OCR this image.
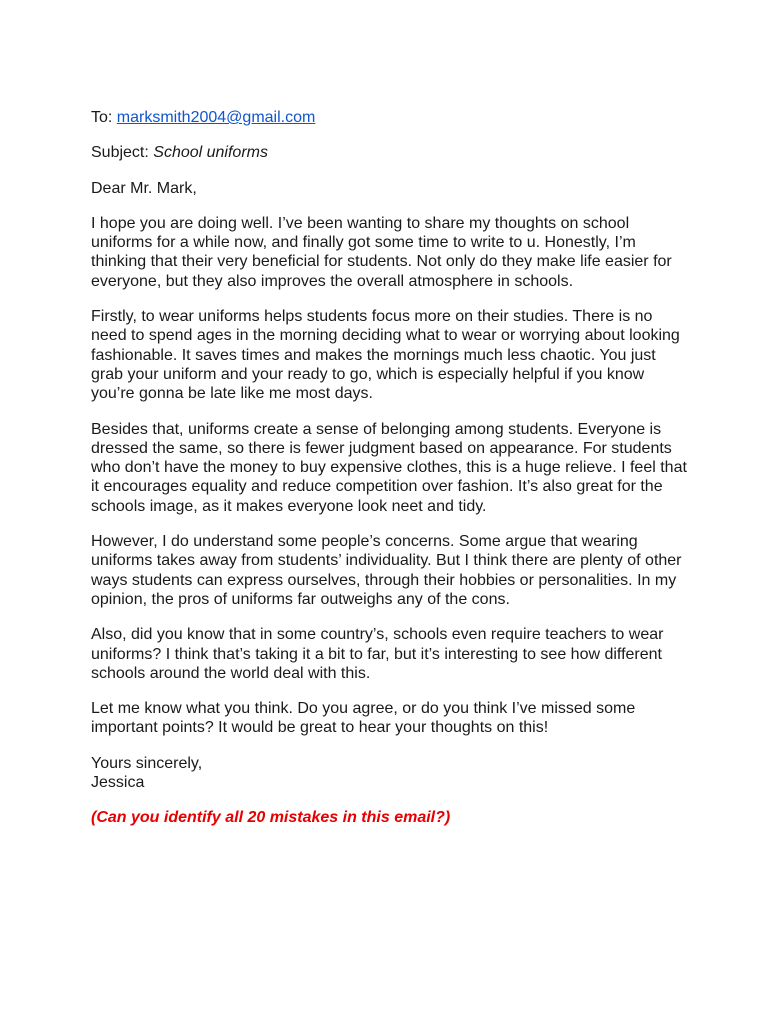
To: marksmith2004@gmail.com

Subject: School uniforms

Dear Mr. Mark,

I hope you are doing well. I’ve been wanting to share my thoughts on school uniforms for a while now, and finally got some time to write to u. Honestly, I’m thinking that their very beneficial for students. Not only do they make life easier for everyone, but they also improves the overall atmosphere in schools.

Firstly, to wear uniforms helps students focus more on their studies. There is no need to spend ages in the morning deciding what to wear or worrying about looking fashionable. It saves times and makes the mornings much less chaotic. You just grab your uniform and your ready to go, which is especially helpful if you know you’re gonna be late like me most days.

Besides that, uniforms create a sense of belonging among students. Everyone is dressed the same, so there is fewer judgment based on appearance. For students who don’t have the money to buy expensive clothes, this is a huge relieve. I feel that it encourages equality and reduce competition over fashion. It’s also great for the schools image, as it makes everyone look neet and tidy.

However, I do understand some people’s concerns. Some argue that wearing uniforms takes away from students’ individuality. But I think there are plenty of other ways students can express ourselves, through their hobbies or personalities. In my opinion, the pros of uniforms far outweighs any of the cons.

Also, did you know that in some country’s, schools even require teachers to wear uniforms? I think that’s taking it a bit to far, but it’s interesting to see how different schools around the world deal with this.

Let me know what you think. Do you agree, or do you think I’ve missed some important points? It would be great to hear your thoughts on this!

Yours sincerely,

Jessica

(Can you identify all 20 mistakes in this email?)
